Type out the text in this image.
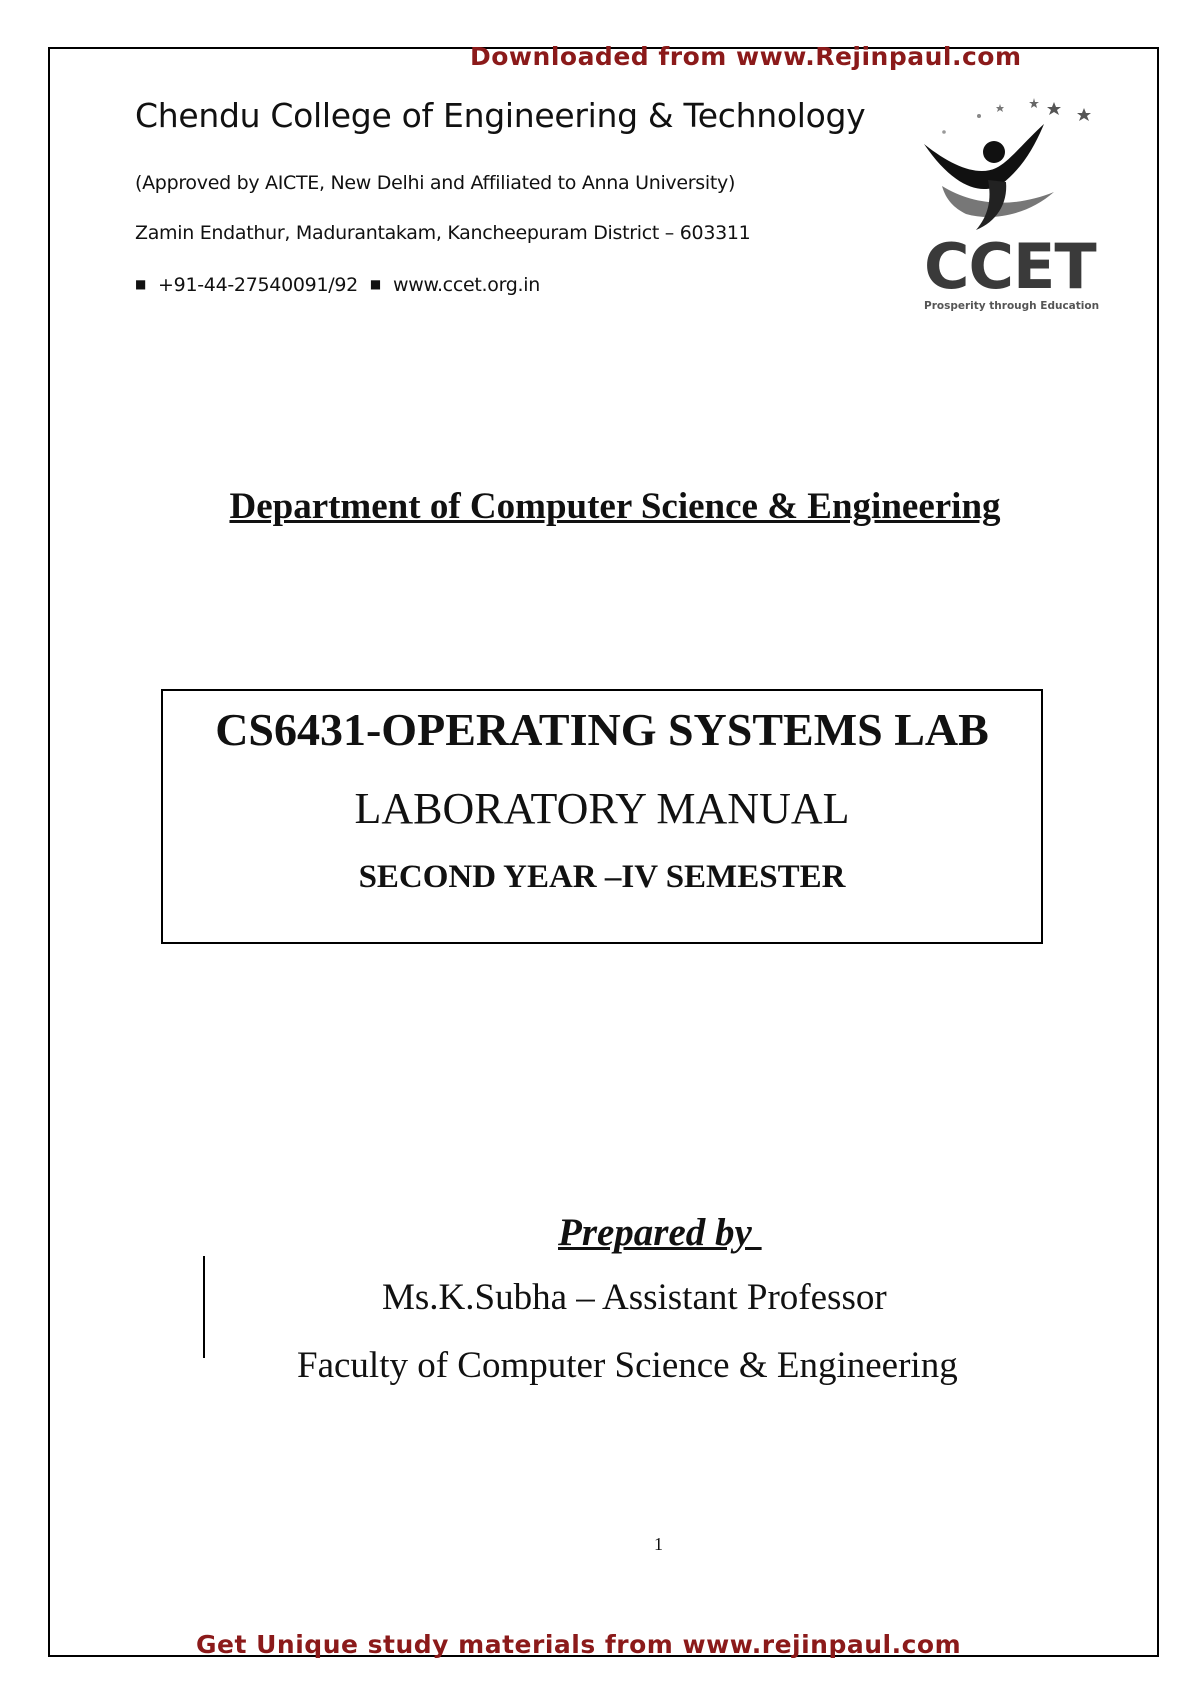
Downloaded from www.Rejinpaul.com
Chendu College of Engineering & Technology
(Approved by AICTE, New Delhi and Affiliated to Anna University)
Zamin Endathur, Madurantakam, Kancheepuram District – 603311
■ +91-44-27540091/92 ■ www.ccet.org.in	CCET
Prosperity through Education
Department of Computer Science & Engineering
CS6431-OPERATING SYSTEMS LAB
LABORATORY MANUAL
SECOND YEAR –IV SEMESTER
Prepared by
Ms.K.Subha – Assistant Professor
Faculty of Computer Science & Engineering
1
Get Unique study materials from www.rejinpaul.com
